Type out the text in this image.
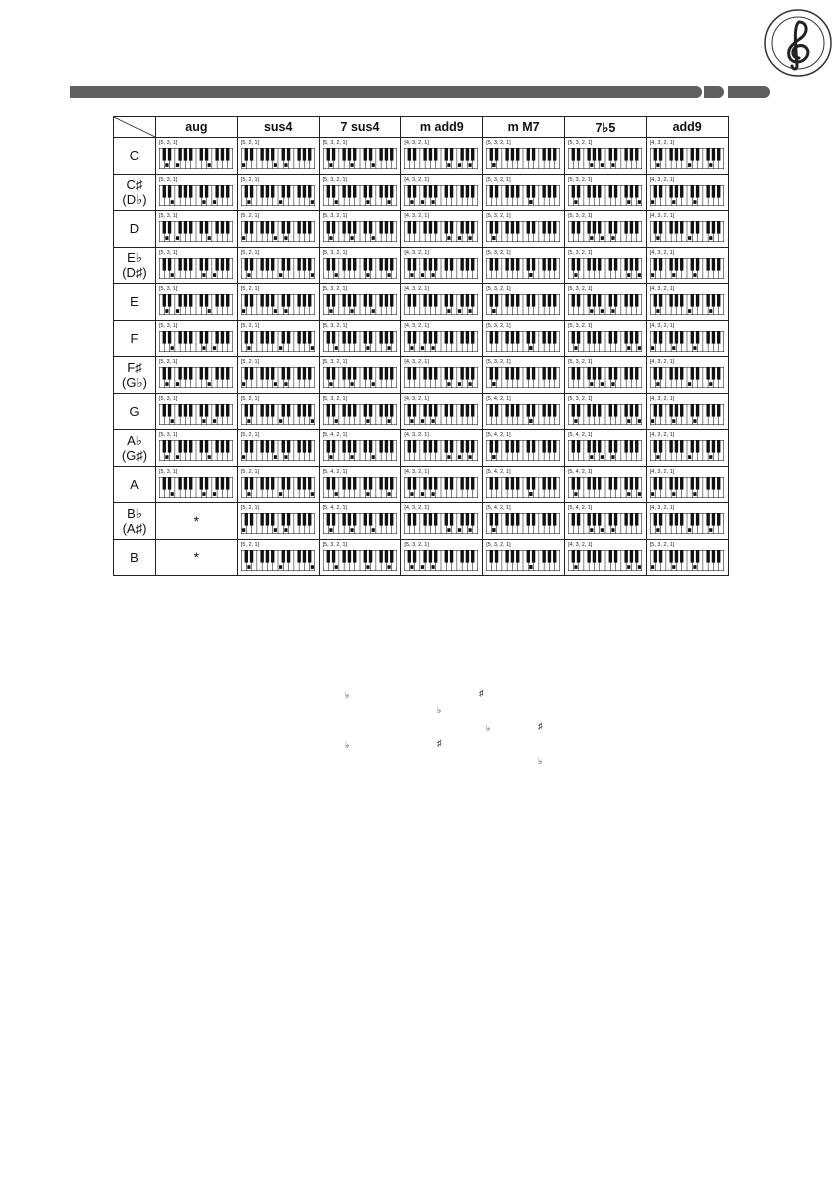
	aug	sus4	7 sus4	m add9	m M7	7♭5	add9

C	[5, 3, 1]	[5, 2, 1]	[5, 3, 2, 1]	[4, 3, 2, 1]	[5, 3, 2, 1]	[5, 3, 2, 1]	[4, 3, 2, 1]

C♯
(D♭)	[5, 3, 1]	[5, 2, 1]	[5, 3, 2, 1]	[4, 3, 2, 1]	[5, 3, 2, 1]	[5, 3, 2, 1]	[4, 3, 2, 1]

D	[5, 3, 1]	[5, 2, 1]	[5, 3, 2, 1]	[4, 3, 2, 1]	[5, 3, 2, 1]	[5, 3, 2, 1]	[4, 3, 2, 1]

E♭
(D♯)	[5, 3, 1]	[5, 2, 1]	[5, 3, 2, 1]	[4, 3, 2, 1]	[5, 3, 2, 1]	[5, 3, 2, 1]	[4, 3, 2, 1]

E	[5, 3, 1]	[5, 2, 1]	[5, 3, 2, 1]	[4, 3, 2, 1]	[5, 3, 2, 1]	[5, 3, 2, 1]	[4, 3, 2, 1]

F	[5, 3, 1]	[5, 2, 1]	[5, 3, 2, 1]	[4, 3, 2, 1]	[5, 3, 2, 1]	[5, 3, 2, 1]	[4, 3, 2, 1]

F♯
(G♭)	[5, 3, 1]	[5, 2, 1]	[5, 3, 2, 1]	[4, 3, 2, 1]	[5, 3, 2, 1]	[5, 3, 2, 1]	[4, 3, 2, 1]

G	[5, 3, 1]	[5, 2, 1]	[5, 3, 2, 1]	[4, 3, 2, 1]	[5, 4, 2, 1]	[5, 3, 2, 1]	[4, 3, 2, 1]

A♭
(G♯)	[5, 3, 1]	[5, 2, 1]	[5, 4, 2, 1]	[4, 3, 2, 1]	[5, 4, 2, 1]	[5, 4, 2, 1]	[4, 3, 2, 1]

A	[5, 3, 1]	[5, 2, 1]	[5, 4, 2, 1]	[4, 3, 2, 1]	[5, 4, 2, 1]	[5, 4, 2, 1]	[4, 3, 2, 1]

B♭
(A♯)	*	[5, 2, 1]	[5, 4, 2, 1]	[4, 3, 2, 1]	[5, 4, 2, 1]	[5, 4, 2, 1]	[4, 3, 2, 1]

B	*	[5, 2, 1]	[5, 3, 2, 1]	[5, 3, 2, 1]	[5, 3, 2, 1]	[4, 3, 2, 1]	[5, 3, 2, 1]
♭	♯
♭
♭	♯
♭	♯
♭
